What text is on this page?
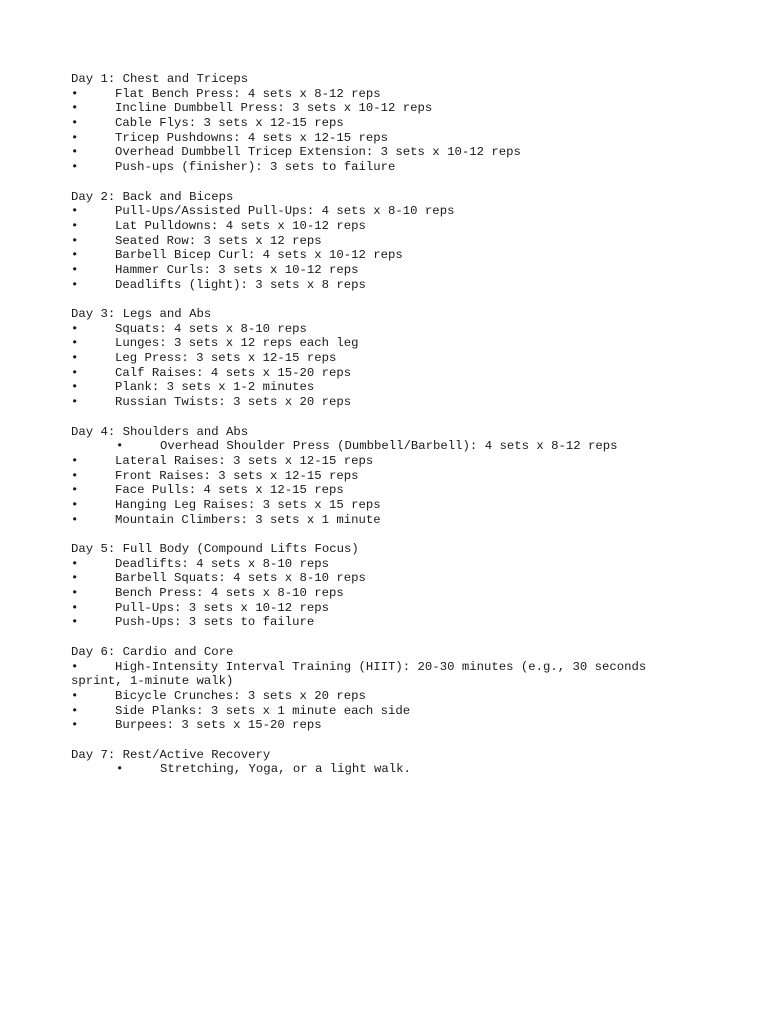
Day 1: Chest and Triceps
•	Flat Bench Press: 4 sets x 8-12 reps
•	Incline Dumbbell Press: 3 sets x 10-12 reps
•	Cable Flys: 3 sets x 12-15 reps
•	Tricep Pushdowns: 4 sets x 12-15 reps
•	Overhead Dumbbell Tricep Extension: 3 sets x 10-12 reps
•	Push-ups (finisher): 3 sets to failure
Day 2: Back and Biceps
•	Pull-Ups/Assisted Pull-Ups: 4 sets x 8-10 reps
•	Lat Pulldowns: 4 sets x 10-12 reps
•	Seated Row: 3 sets x 12 reps
•	Barbell Bicep Curl: 4 sets x 10-12 reps
•	Hammer Curls: 3 sets x 10-12 reps
•	Deadlifts (light): 3 sets x 8 reps
Day 3: Legs and Abs
•	Squats: 4 sets x 8-10 reps
•	Lunges: 3 sets x 12 reps each leg
•	Leg Press: 3 sets x 12-15 reps
•	Calf Raises: 4 sets x 15-20 reps
•	Plank: 3 sets x 1-2 minutes
•	Russian Twists: 3 sets x 20 reps
Day 4: Shoulders and Abs
•	Overhead Shoulder Press (Dumbbell/Barbell): 4 sets x 8-12 reps
•	Lateral Raises: 3 sets x 12-15 reps
•	Front Raises: 3 sets x 12-15 reps
•	Face Pulls: 4 sets x 12-15 reps
•	Hanging Leg Raises: 3 sets x 15 reps
•	Mountain Climbers: 3 sets x 1 minute
Day 5: Full Body (Compound Lifts Focus)
•	Deadlifts: 4 sets x 8-10 reps
•	Barbell Squats: 4 sets x 8-10 reps
•	Bench Press: 4 sets x 8-10 reps
•	Pull-Ups: 3 sets x 10-12 reps
•	Push-Ups: 3 sets to failure
Day 6: Cardio and Core
•	High-Intensity Interval Training (HIIT): 20-30 minutes (e.g., 30 seconds sprint, 1-minute walk)
•	Bicycle Crunches: 3 sets x 20 reps
•	Side Planks: 3 sets x 1 minute each side
•	Burpees: 3 sets x 15-20 reps
Day 7: Rest/Active Recovery
•	Stretching, Yoga, or a light walk.
